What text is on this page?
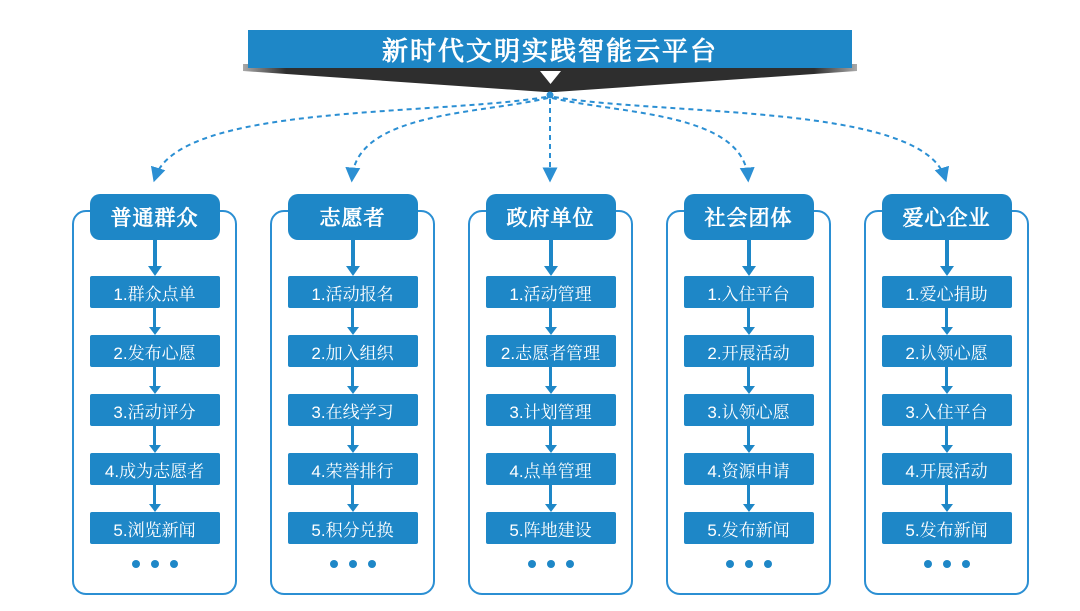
新时代文明实践智能云平台
普通群众
1.群众点单
2.发布心愿
3.活动评分
4.成为志愿者
5.浏览新闻
志愿者
1.活动报名
2.加入组织
3.在线学习
4.荣誉排行
5.积分兑换
政府单位
1.活动管理
2.志愿者管理
3.计划管理
4.点单管理
5.阵地建设
社会团体
1.入住平台
2.开展活动
3.认领心愿
4.资源申请
5.发布新闻
爱心企业
1.爱心捐助
2.认领心愿
3.入住平台
4.开展活动
5.发布新闻
